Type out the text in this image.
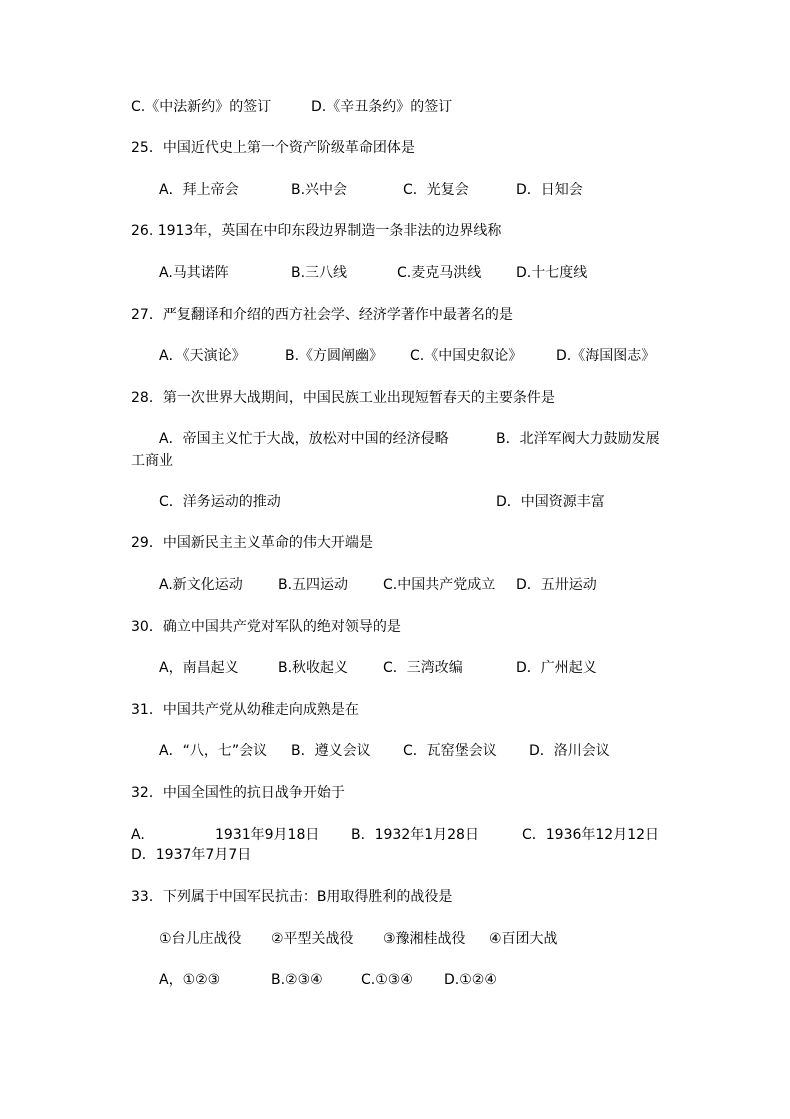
C.《中法新约》的签订	D.《辛丑条约》的签订
25．中国近代史上第一个资产阶级革命团体是
A．拜上帝会	B.兴中会	C．光复会	D．日知会
26. 1913年，英国在中印东段边界制造一条非法的边界线称
A.马其诺阵	B.三八线	C.麦克马洪线 D.十七度线
27．严复翻译和介绍的西方社会学、经济学著作中最著名的是
A．《天演论》	B.《方圆阐幽》 C.《中国史叙论》 D.《海国图志》
28．第一次世界大战期间，中国民族工业出现短暂春天的主要条件是
A．帝国主义忙于大战，放松对中国的经济侵略	B．北洋军阀大力鼓励发展
工商业
C．洋务运动的推动	D．中国资源丰富
29．中国新民主主义革命的伟大开端是
A.新文化运动	B.五四运动 C.中国共产党成立 D．五卅运动
30．确立中国共产党对军队的绝对领导的是
A，南昌起义	B.秋收起义 C．三湾改编	D．广州起义
31．中国共产党从幼稚走向成熟是在
A．“八，七”会议 B．遵义会议 C．瓦窑堡会议 D．洛川会议
32．中国全国性的抗日战争开始于
A.	1931年9月18日 B．1932年1月28日	C．1936年12月12日
D．1937年7月7日
33．下列属于中国军民抗击：B用取得胜利的战役是
①台儿庄战役 ②平型关战役 ③豫湘桂战役 ④百团大战
A，①②③	B.②③④	C.①③④ D.①②④
